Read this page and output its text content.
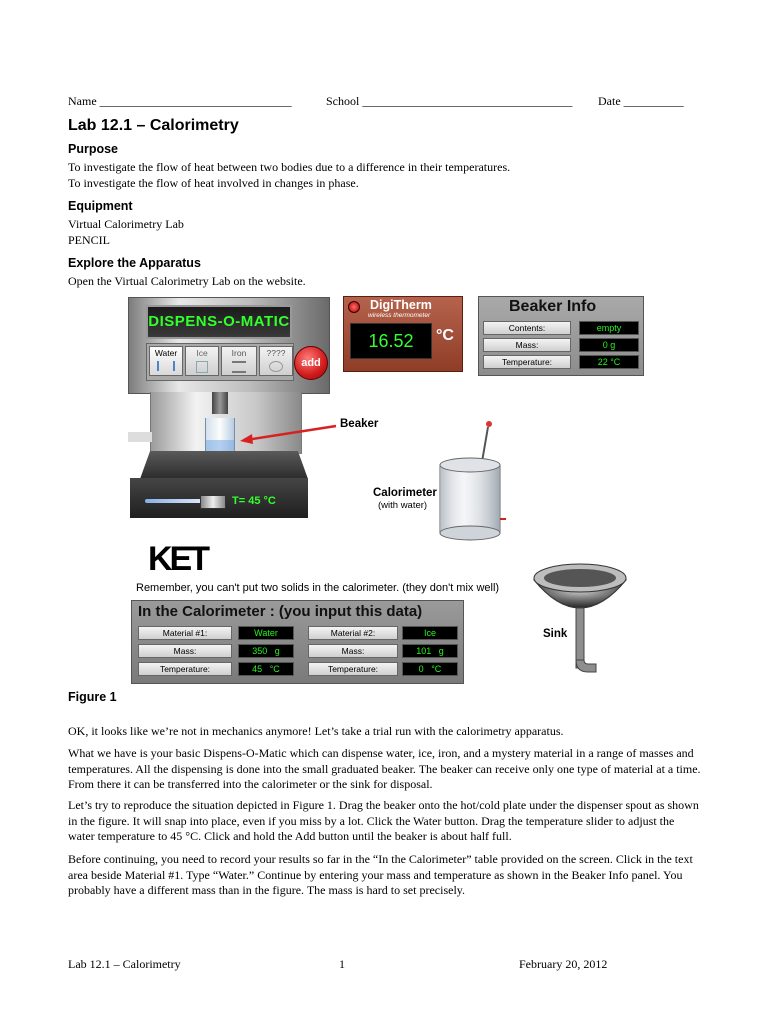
Name ________________________________	School ___________________________________ Date __________
Lab 12.1 – Calorimetry
Purpose
To investigate the flow of heat between two bodies due to a difference in their temperatures.
To investigate the flow of heat involved in changes in phase.
Equipment
Virtual Calorimetry Lab
PENCIL
Explore the Apparatus
Open the Virtual Calorimetry Lab on the website.
DISPENS-O-MATIC
Water	Ice	Iron	????
add
T= 45 °C
Beaker
DigiTherm
wireless thermometer
16.52	°C
Beaker Info
Contents:	empty
Mass:	0 g
Temperature:	22 °C
Calorimeter
(with water)
KET
Remember, you can't put two solids in the calorimeter. (they don't mix well)
In the Calorimeter : (you input this data)
Material #1:	Water	Material #2:	Ice
Mass:	350 g	Mass:	101 g
Temperature:	45 °C	Temperature:	0 °C
Sink
Figure 1
OK, it looks like we’re not in mechanics anymore! Let’s take a trial run with the calorimetry apparatus.
What we have is your basic Dispens-O-Matic which can dispense water, ice, iron, and a mystery material in a range of masses and temperatures. All the dispensing is done into the small graduated beaker. The beaker can receive only one type of material at a time. From there it can be transferred into the calorimeter or the sink for disposal.
Let’s try to reproduce the situation depicted in Figure 1. Drag the beaker onto the hot/cold plate under the dispenser spout as shown in the figure. It will snap into place, even if you miss by a lot. Click the Water button. Drag the temperature slider to adjust the water temperature to 45 °C. Click and hold the Add button until the beaker is about half full.
Before continuing, you need to record your results so far in the “In the Calorimeter” table provided on the screen. Click in the text area beside Material #1. Type “Water.” Continue by entering your mass and temperature as shown in the Beaker Info panel. You probably have a different mass than in the figure. The mass is hard to set precisely.
Lab 12.1 – Calorimetry	1	February 20, 2012
